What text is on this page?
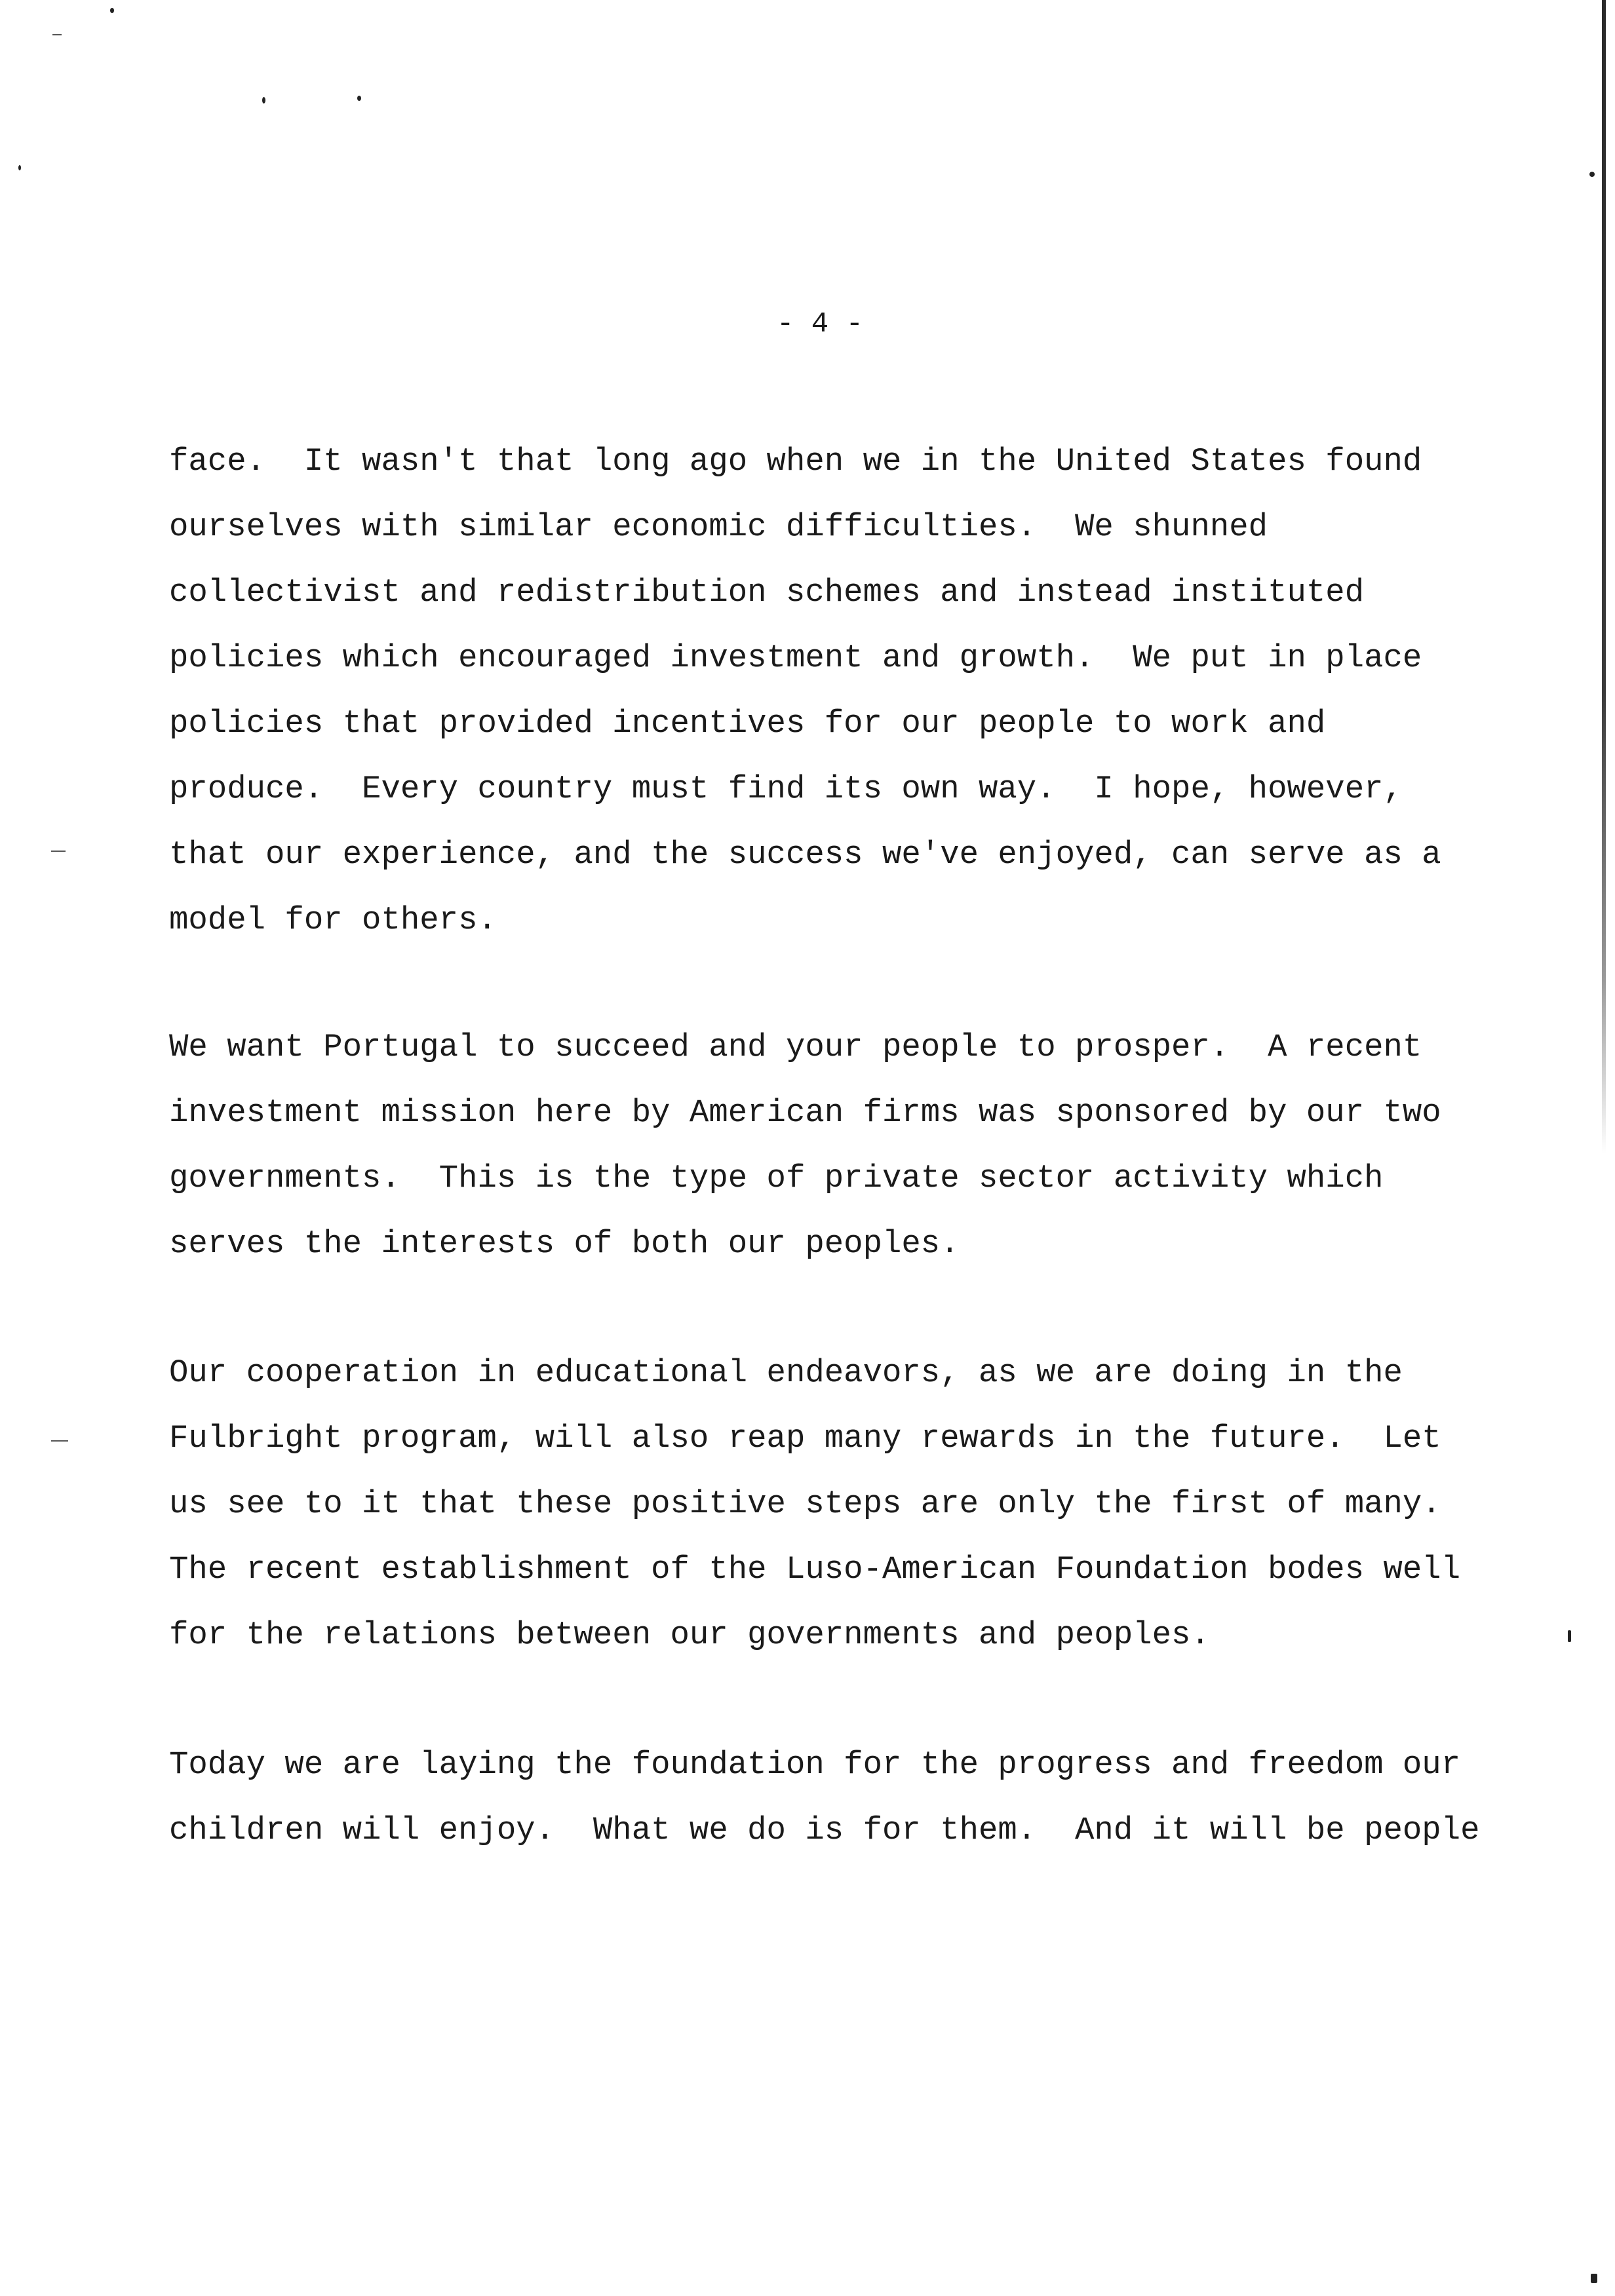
- 4 -
face.  It wasn't that long ago when we in the United States found
ourselves with similar economic difficulties.  We shunned
collectivist and redistribution schemes and instead instituted
policies which encouraged investment and growth.  We put in place
policies that provided incentives for our people to work and
produce.  Every country must find its own way.  I hope, however,
that our experience, and the success we've enjoyed, can serve as a
model for others.
We want Portugal to succeed and your people to prosper.  A recent
investment mission here by American firms was sponsored by our two
governments.  This is the type of private sector activity which
serves the interests of both our peoples.
Our cooperation in educational endeavors, as we are doing in the
Fulbright program, will also reap many rewards in the future.  Let
us see to it that these positive steps are only the first of many.
The recent establishment of the Luso-American Foundation bodes well
for the relations between our governments and peoples.
Today we are laying the foundation for the progress and freedom our
children will enjoy.  What we do is for them.  And it will be people
